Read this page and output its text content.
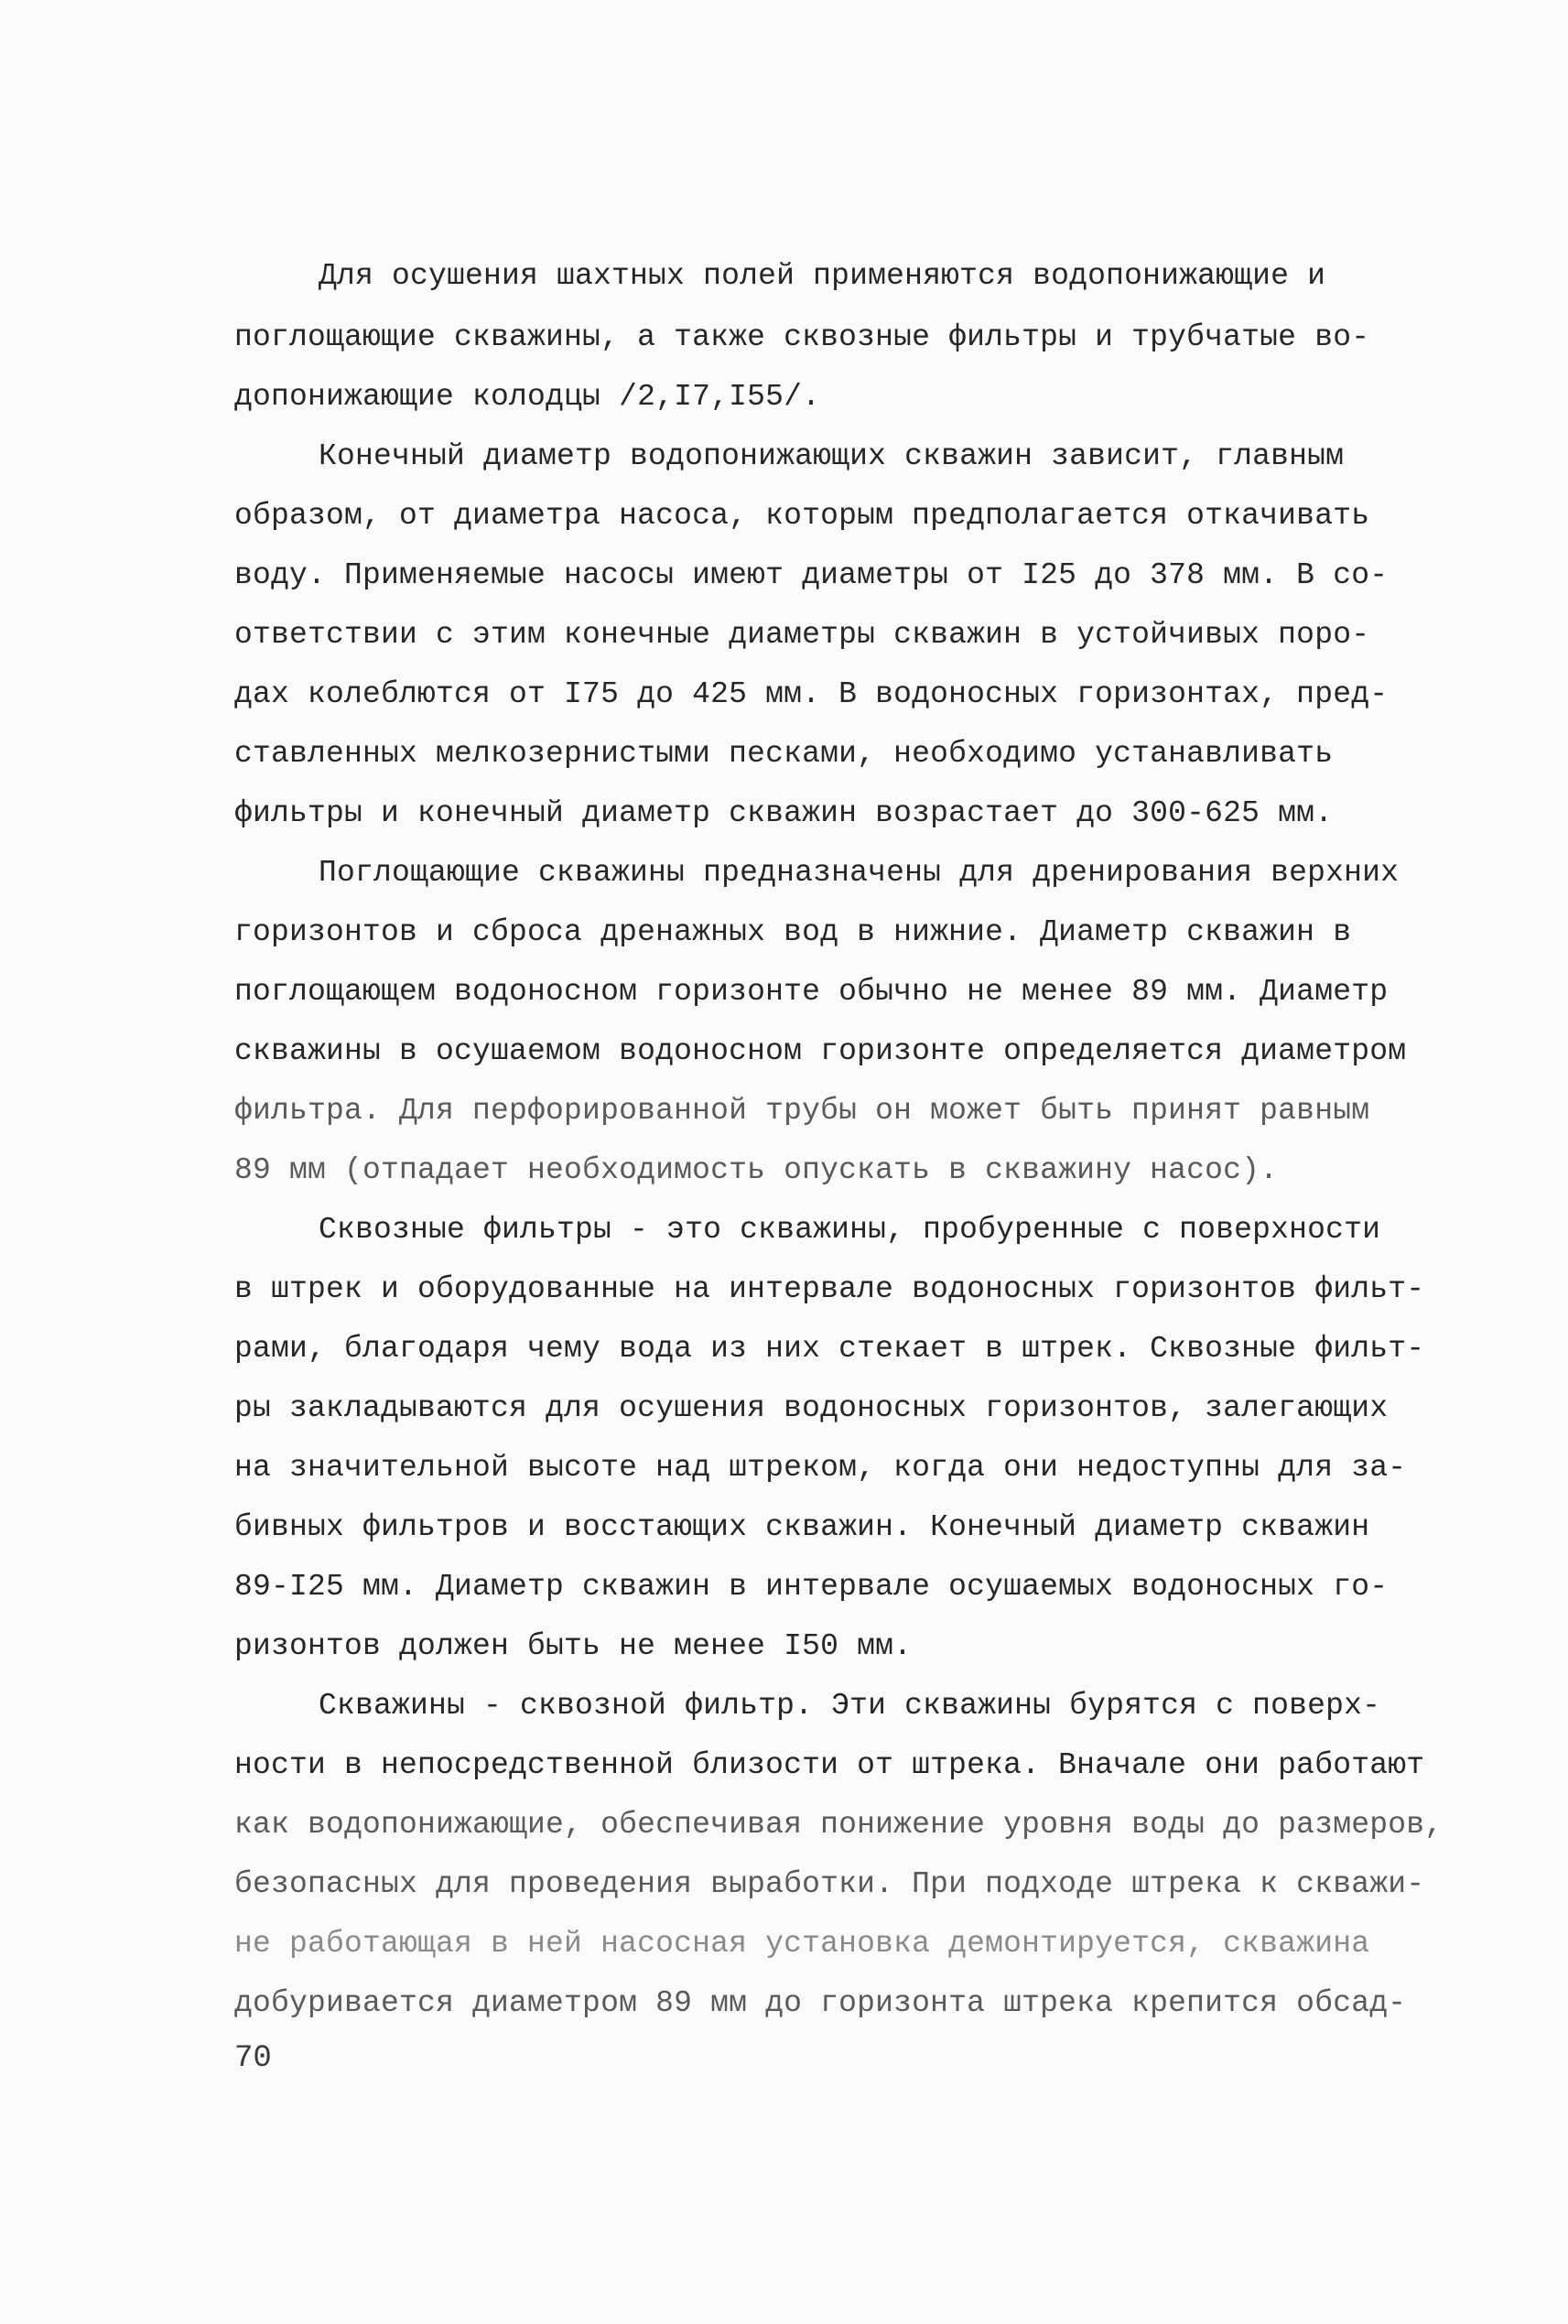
Для осушения шахтных полей применяются водопонижающие и
поглощающие скважины, а также сквозные фильтры и трубчатые во-
допонижающие колодцы /2,I7,I55/.
Конечный диаметр водопонижающих скважин зависит, главным
образом, от диаметра насоса, которым предполагается откачивать
воду. Применяемые насосы имеют диаметры от I25 до 378 мм. В со-
ответствии с этим конечные диаметры скважин в устойчивых поро-
дах колеблются от I75 до 425 мм. В водоносных горизонтах, пред-
ставленных мелкозернистыми песками, необходимо устанавливать
фильтры и конечный диаметр скважин возрастает до 300-625 мм.
Поглощающие скважины предназначены для дренирования верхних
горизонтов и сброса дренажных вод в нижние. Диаметр скважин в
поглощающем водоносном горизонте обычно не менее 89 мм. Диаметр
скважины в осушаемом водоносном горизонте определяется диаметром
фильтра. Для перфорированной трубы он может быть принят равным
89 мм (отпадает необходимость опускать в скважину насос).
Сквозные фильтры - это скважины, пробуренные с поверхности
в штрек и оборудованные на интервале водоносных горизонтов фильт-
рами, благодаря чему вода из них стекает в штрек. Сквозные фильт-
ры закладываются для осушения водоносных горизонтов, залегающих
на значительной высоте над штреком, когда они недоступны для за-
бивных фильтров и восстающих скважин. Конечный диаметр скважин
89-I25 мм. Диаметр скважин в интервале осушаемых водоносных го-
ризонтов должен быть не менее I50 мм.
Скважины - сквозной фильтр. Эти скважины бурятся с поверх-
ности в непосредственной близости от штрека. Вначале они работают
как водопонижающие, обеспечивая понижение уровня воды до размеров,
безопасных для проведения выработки. При подходе штрека к скважи-
не работающая в ней насосная установка демонтируется, скважина
добуривается диаметром 89 мм до горизонта штрека крепится обсад-
70
